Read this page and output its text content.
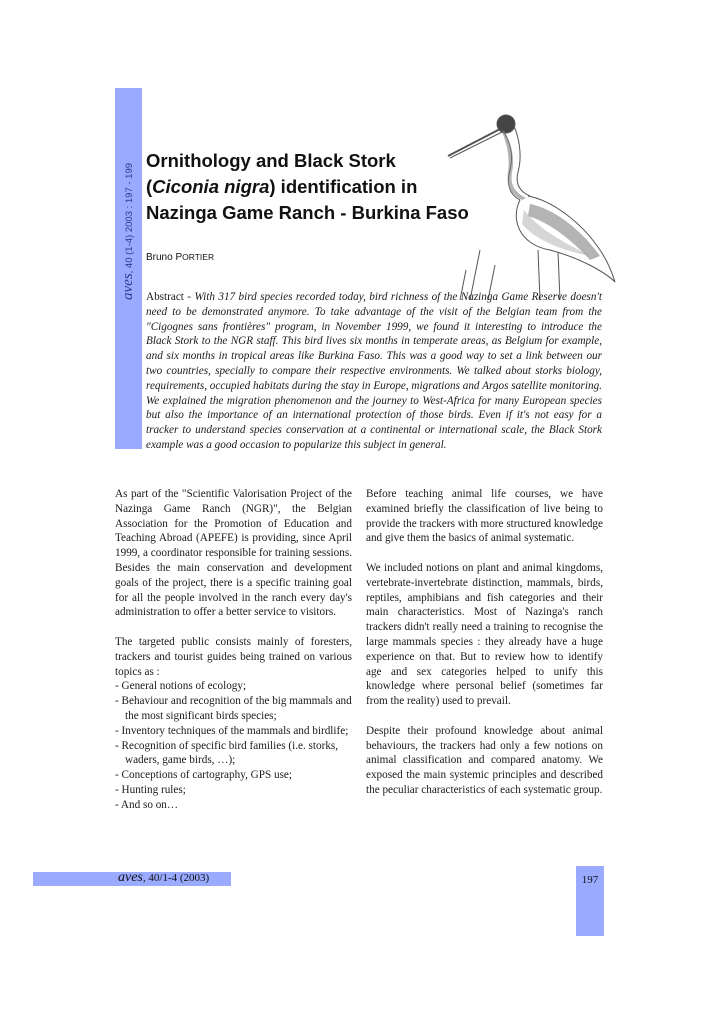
aves, 40 (1-4) 2003 : 197 - 199
Ornithology and Black Stork
(Ciconia nigra) identification in
Nazinga Game Ranch - Burkina Faso
Bruno PORTIER

Abstract - With 317 bird species recorded today, bird richness of the Nazinga Game Reserve doesn't need to be demonstrated anymore. To take advantage of the visit of the Belgian team from the "Cigognes sans frontières" program, in November 1999, we found it interesting to introduce the Black Stork to the NGR staff. This bird lives six months in temperate areas, as Belgium for example, and six months in tropical areas like Burkina Faso. This was a good way to set a link between our two countries, specially to compare their respective environments. We talked about storks biology, requirements, occupied habitats during the stay in Europe, migrations and Argos satellite monitoring. We explained the migration phenomenon and the journey to West-Africa for many European species but also the importance of an international protection of those birds. Even if it's not easy for a tracker to understand species conservation at a continental or international scale, the Black Stork example was a good occasion to popularize this subject in general.

As part of the "Scientific Valorisation Project of the Nazinga Game Ranch (NGR)", the Belgian Association for the Promotion of Education and Teaching Abroad (APEFE) is providing, since April 1999, a coordinator responsible for training sessions. Besides the main conservation and development goals of the project, there is a specific training goal for all the people involved in the ranch every day's administration to offer a better service to visitors.

The targeted public consists mainly of foresters, trackers and tourist guides being trained on various topics as :

- General notions of ecology;
- Behaviour and recognition of the big mammals and the most significant birds species;
- Inventory techniques of the mammals and birdlife;
- Recognition of specific bird families (i.e. storks, waders, game birds, …);
- Conceptions of cartography, GPS use;
- Hunting rules;
- And so on…

Before teaching animal life courses, we have examined briefly the classification of live being to provide the trackers with more structured knowledge and give them the basics of animal systematic.

We included notions on plant and animal kingdoms, vertebrate-invertebrate distinction, mammals, birds, reptiles, amphibians and fish categories and their main characteristics. Most of Nazinga's ranch trackers didn't really need a training to recognise the large mammals species : they already have a huge experience on that. But to review how to identify age and sex categories helped to unify this knowledge where personal belief (sometimes far from the reality) used to prevail.

Despite their profound knowledge about animal behaviours, the trackers had only a few notions on animal classification and compared anatomy. We exposed the main systemic principles and described the peculiar characteristics of each systematic group.

aves, 40/1-4 (2003)	197
